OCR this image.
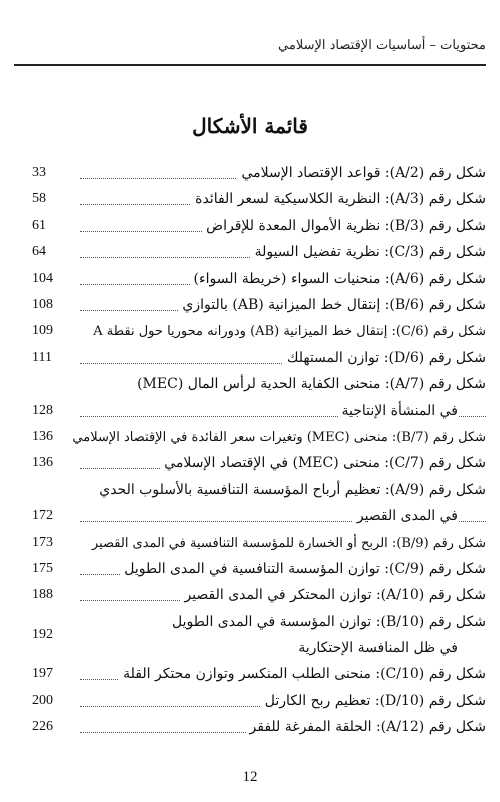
محتويات – أساسيات الإقتصاد الإسلامي
قائمة الأشكال
شكل رقم (A/2): قواعد الإقتصاد الإسلامي
33
شكل رقم (A/3): النظرية الكلاسيكية لسعر الفائدة
58
شكل رقم (B/3): نظرية الأموال المعدة للإقراض
61
شكل رقم (C/3): نظرية تفضيل السيولة
64
شكل رقم (A/6): منحنيات السواء (خريطة السواء)
104
شكل رقم (B/6): إنتقال خط الميزانية (AB) بالتوازي
108
شكل رقم (C/6): إنتقال خط الميزانية (AB) ودورانه محوريا حول نقطة A
109
شكل رقم (D/6): توازن المستهلك
111
شكل رقم (A/7): منحنى الكفاية الحدية لرأس المال (MEC)
في المنشأة الإنتاجية
128
شكل رقم (B/7): منحنى (MEC) وتغيرات سعر الفائدة في الإقتصاد الإسلامي
136
شكل رقم (C/7): منحنى (MEC) في الإقتصاد الإسلامي
136
شكل رقم (A/9): تعظيم أرباح المؤسسة التنافسية بالأسلوب الحدي
في المدى القصير
172
شكل رقم (B/9): الربح أو الخسارة للمؤسسة التنافسية في المدى القصير
173
شكل رقم (C/9): توازن المؤسسة التنافسية في المدى الطويل
175
شكل رقم (A/10): توازن المحتكر في المدى القصير
188
شكل رقم (B/10): توازن المؤسسة في المدى الطويل
في ظل المنافسة الإحتكارية
192
شكل رقم (C/10): منحنى الطلب المنكسر وتوازن محتكر القلة
197
شكل رقم (D/10): تعظيم ربح الكارتل
200
شكل رقم (A/12): الحلقة المفرغة للفقر
226
12
